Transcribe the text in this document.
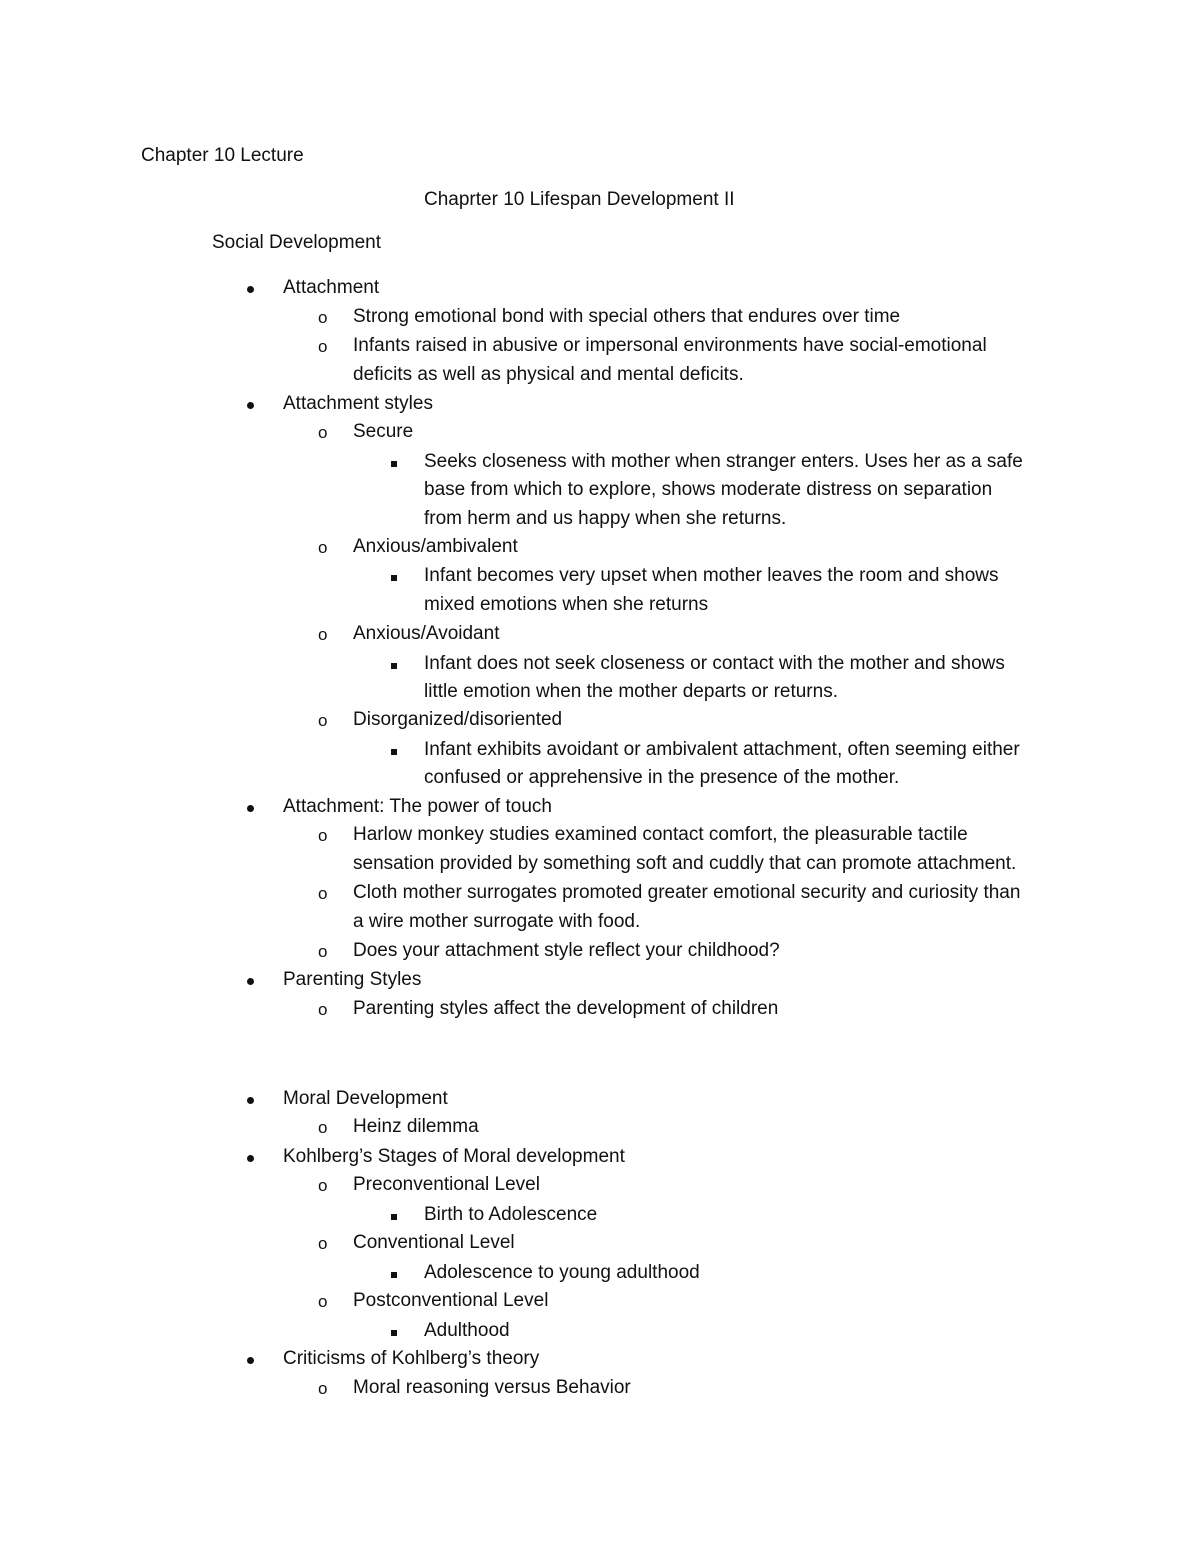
Chapter 10 Lecture
Chaprter 10 Lifespan Development II
Social Development
Attachment
o Strong emotional bond with special others that endures over time
o Infants raised in abusive or impersonal environments have social-emotional
deficits as well as physical and mental deficits.
Attachment styles
o Secure
Seeks closeness with mother when stranger enters. Uses her as a safe
base from which to explore, shows moderate distress on separation
from herm and us happy when she returns.
o Anxious/ambivalent
Infant becomes very upset when mother leaves the room and shows
mixed emotions when she returns
o Anxious/Avoidant
Infant does not seek closeness or contact with the mother and shows
little emotion when the mother departs or returns.
o Disorganized/disoriented
Infant exhibits avoidant or ambivalent attachment, often seeming either
confused or apprehensive in the presence of the mother.
Attachment: The power of touch
o Harlow monkey studies examined contact comfort, the pleasurable tactile
sensation provided by something soft and cuddly that can promote attachment.
o Cloth mother surrogates promoted greater emotional security and curiosity than
a wire mother surrogate with food.
o Does your attachment style reflect your childhood?
Parenting Styles
o Parenting styles affect the development of children
Moral Development
o Heinz dilemma
Kohlberg’s Stages of Moral development
o Preconventional Level
Birth to Adolescence
o Conventional Level
Adolescence to young adulthood
o Postconventional Level
Adulthood
Criticisms of Kohlberg’s theory
o Moral reasoning versus Behavior
